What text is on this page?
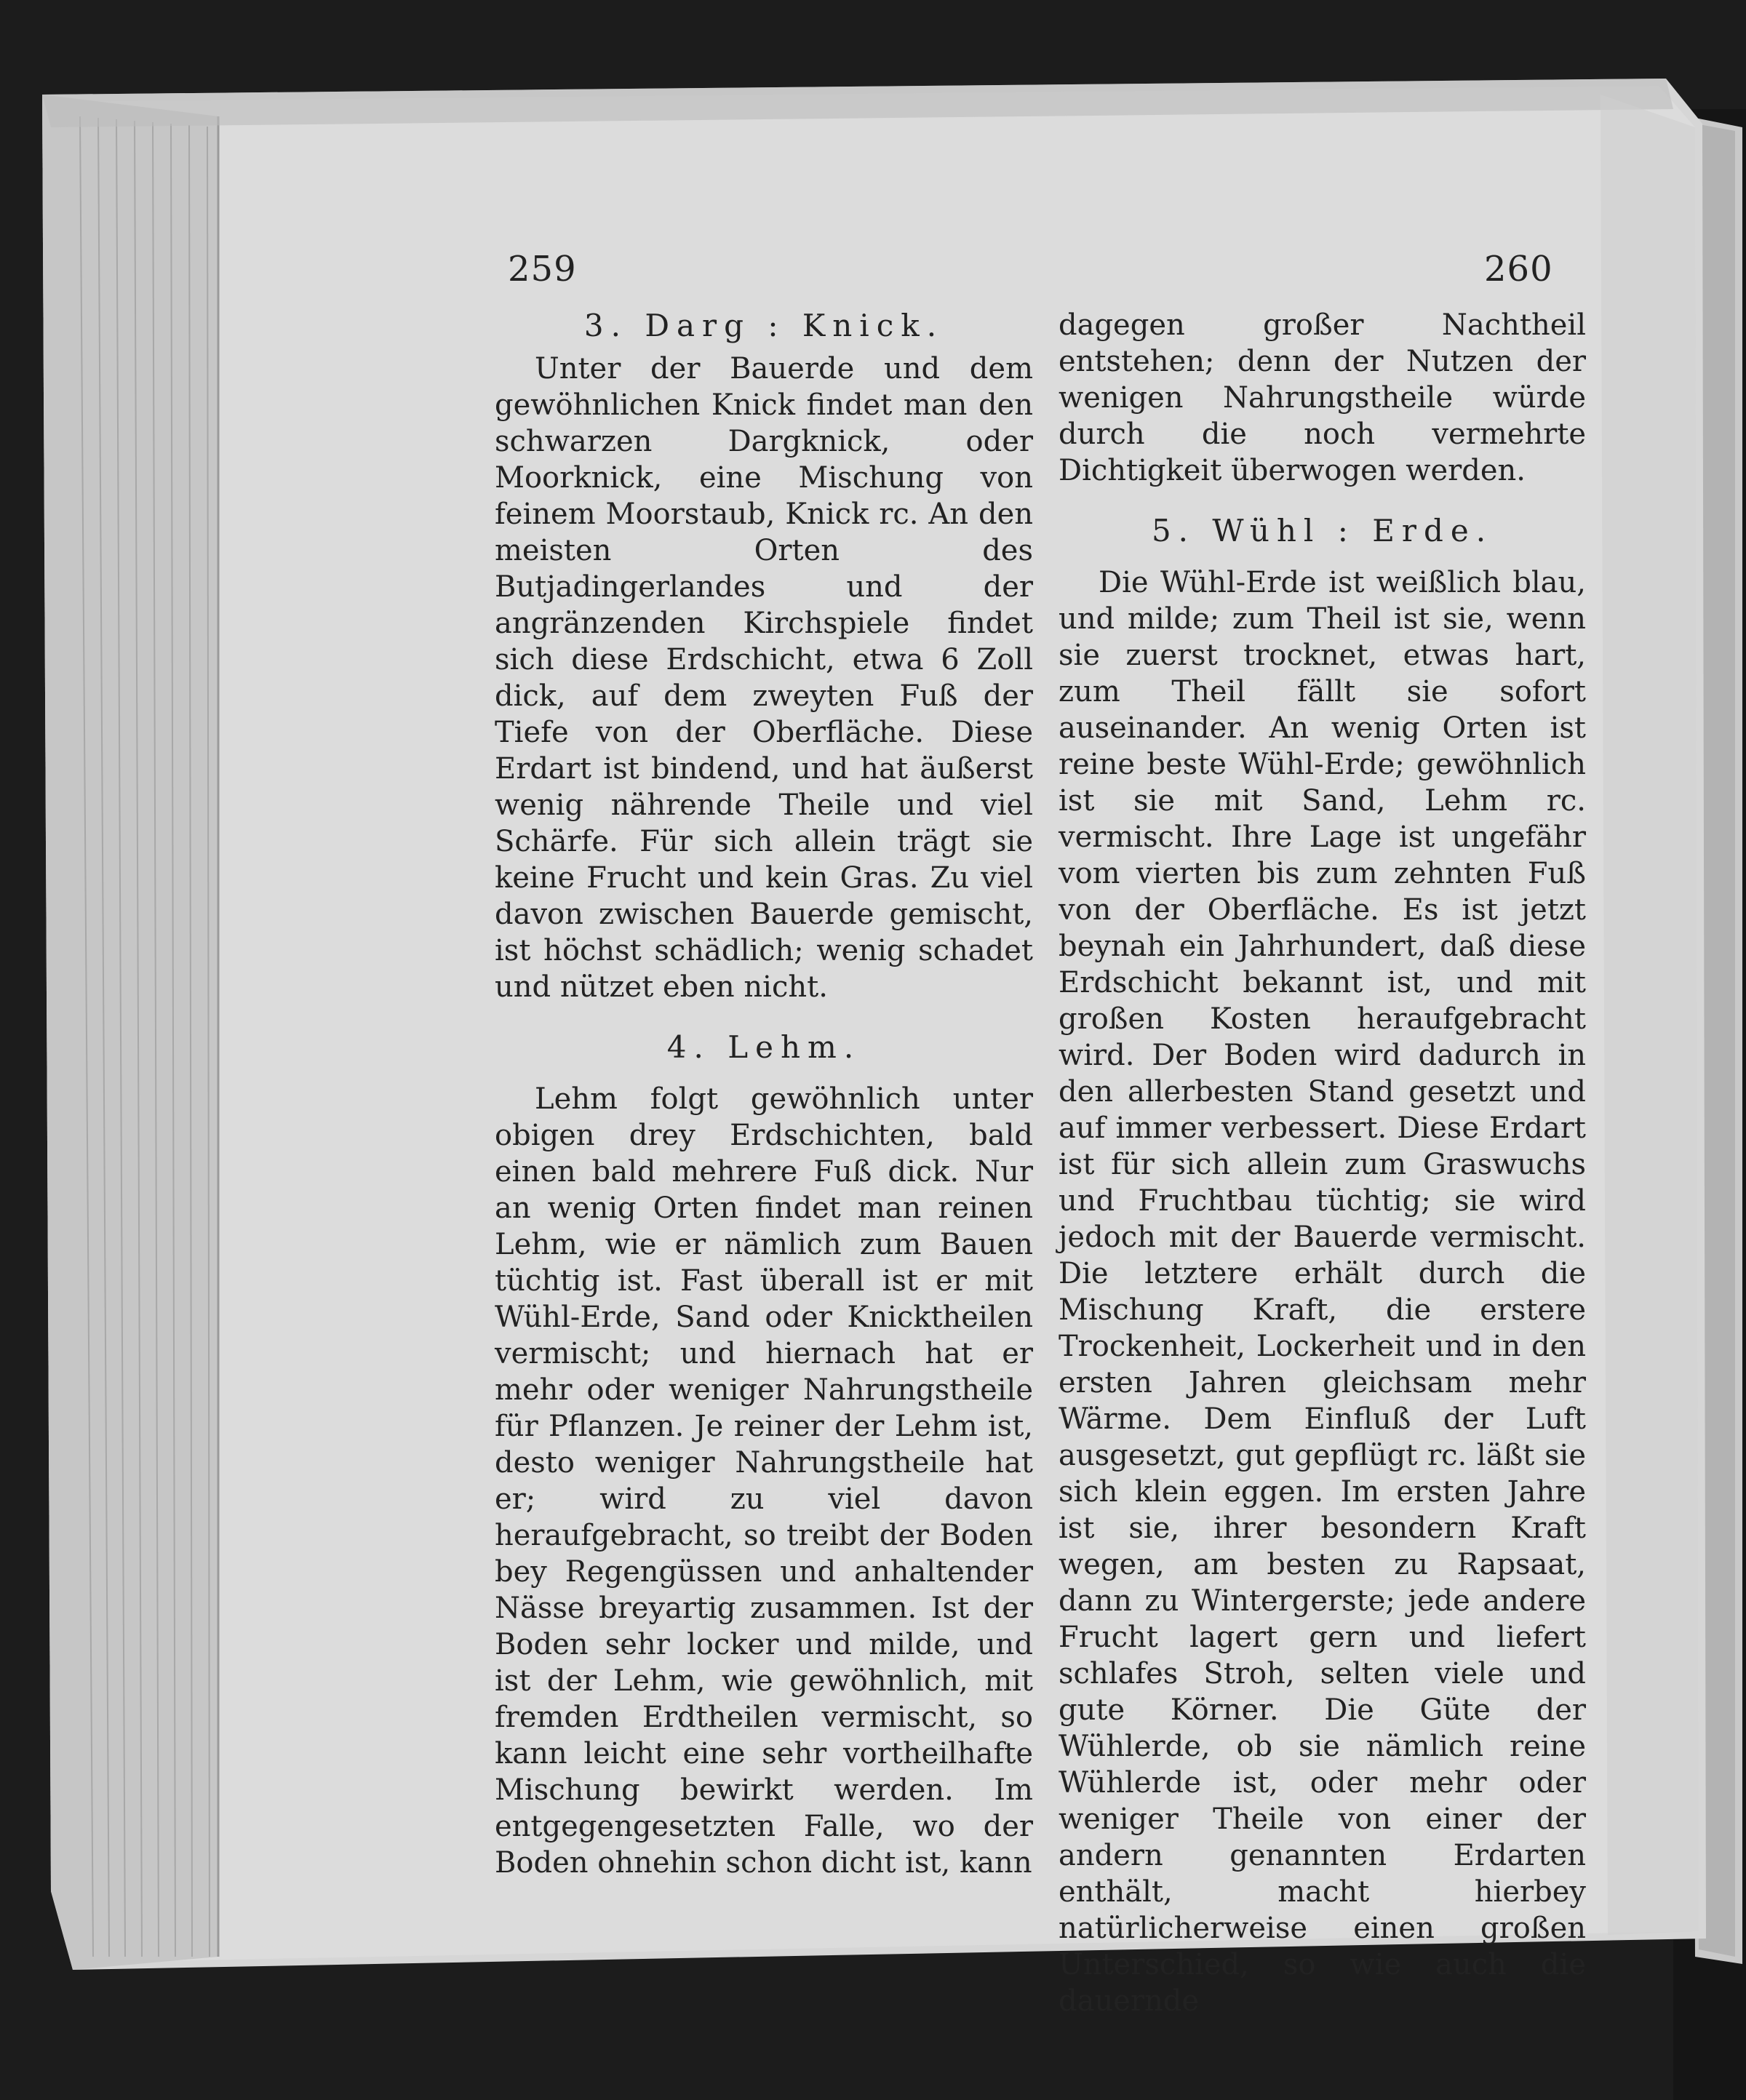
259	260
3. Darg : Knick.

Unter der Bauerde und dem gewöhnlichen Knick findet man den schwarzen Dargknick, oder Moorknick, eine Mischung von feinem Moorstaub, Knick rc. An den meisten Orten des Butjadingerlandes und der angränzenden Kirchspiele findet sich diese Erdschicht, etwa 6 Zoll dick, auf dem zweyten Fuß der Tiefe von der Oberfläche. Diese Erdart ist bindend, und hat äußerst wenig nährende Theile und viel Schärfe. Für sich allein trägt sie keine Frucht und kein Gras. Zu viel davon zwischen Bauerde gemischt, ist höchst schädlich; wenig schadet und nützet eben nicht.

4. Lehm.

Lehm folgt gewöhnlich unter obigen drey Erdschichten, bald einen bald mehrere Fuß dick. Nur an wenig Orten findet man reinen Lehm, wie er nämlich zum Bauen tüchtig ist. Fast überall ist er mit Wühl-Erde, Sand oder Knicktheilen vermischt; und hiernach hat er mehr oder weniger Nahrungstheile für Pflanzen. Je reiner der Lehm ist, desto weniger Nahrungstheile hat er; wird zu viel davon heraufgebracht, so treibt der Boden bey Regengüssen und anhaltender Nässe breyartig zusammen. Ist der Boden sehr locker und milde, und ist der Lehm, wie gewöhnlich, mit fremden Erdtheilen vermischt, so kann leicht eine sehr vortheilhafte Mischung bewirkt werden. Im entgegengesetzten Falle, wo der Boden ohnehin schon dicht ist, kann

dagegen großer Nachtheil entstehen; denn der Nutzen der wenigen Nahrungstheile würde durch die noch vermehrte Dichtigkeit überwogen werden.

5. Wühl : Erde.

Die Wühl-Erde ist weißlich blau, und milde; zum Theil ist sie, wenn sie zuerst trocknet, etwas hart, zum Theil fällt sie sofort auseinander. An wenig Orten ist reine beste Wühl-Erde; gewöhnlich ist sie mit Sand, Lehm rc. vermischt. Ihre Lage ist ungefähr vom vierten bis zum zehnten Fuß von der Oberfläche. Es ist jetzt beynah ein Jahrhundert, daß diese Erdschicht bekannt ist, und mit großen Kosten heraufgebracht wird. Der Boden wird dadurch in den allerbesten Stand gesetzt und auf immer verbessert. Diese Erdart ist für sich allein zum Graswuchs und Fruchtbau tüchtig; sie wird jedoch mit der Bauerde vermischt. Die letztere erhält durch die Mischung Kraft, die erstere Trockenheit, Lockerheit und in den ersten Jahren gleichsam mehr Wärme. Dem Einfluß der Luft ausgesetzt, gut gepflügt rc. läßt sie sich klein eggen. Im ersten Jahre ist sie, ihrer besondern Kraft wegen, am besten zu Rapsaat, dann zu Wintergerste; jede andere Frucht lagert gern und liefert schlafes Stroh, selten viele und gute Körner. Die Güte der Wühlerde, ob sie nämlich reine Wühlerde ist, oder mehr oder weniger Theile von einer der andern genannten Erdarten enthält, macht hierbey natürlicherweise einen großen Unterschied, so wie auch die dauernde
